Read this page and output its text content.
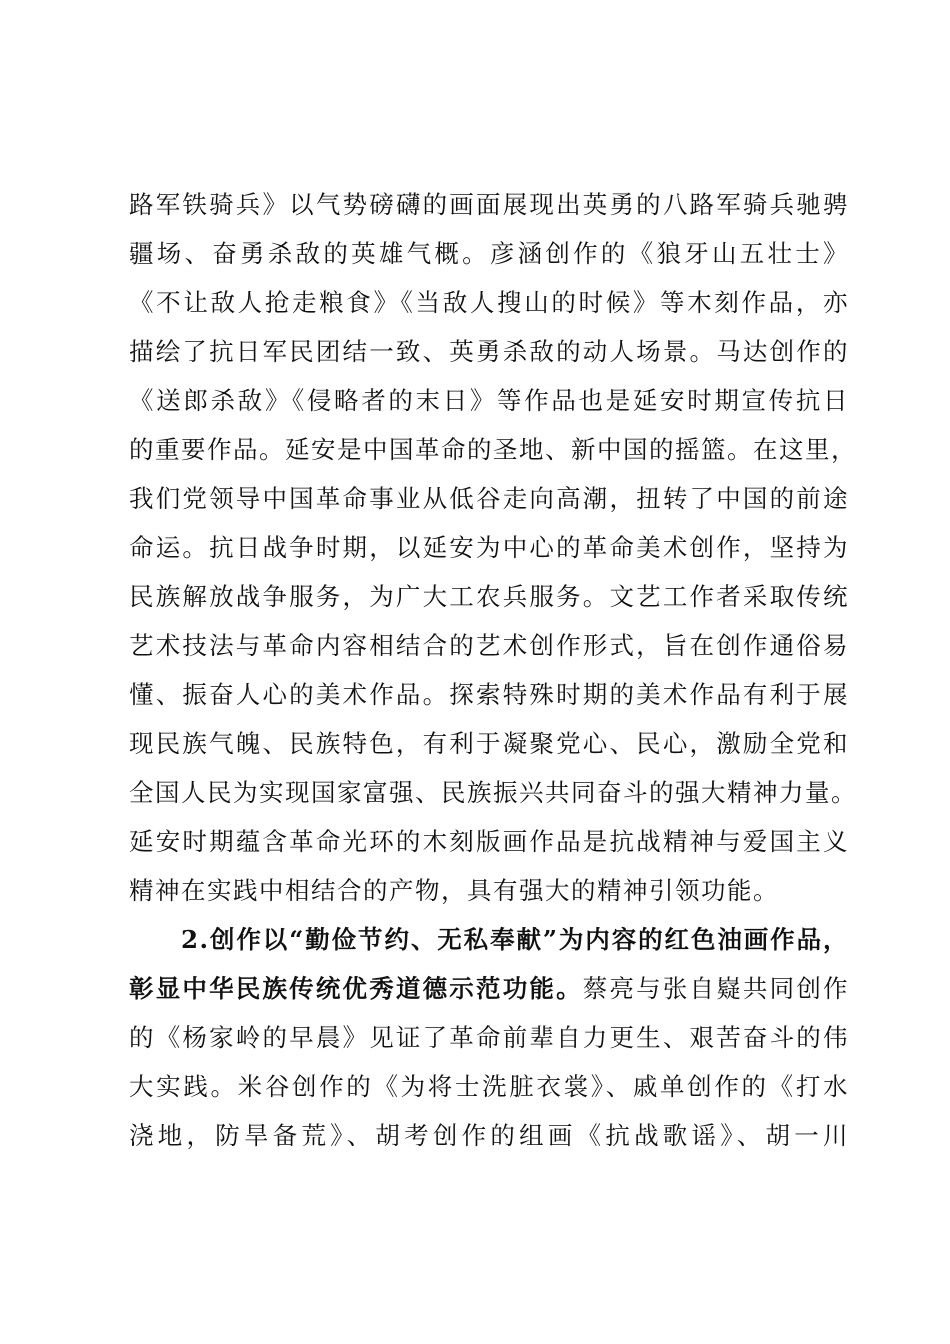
路军铁骑兵》以气势磅礴的画面展现出英勇的八路军骑兵驰骋
疆场、奋勇杀敌的英雄气概。彦涵创作的《狼牙山五壮士》
《不让敌人抢走粮食》《当敌人搜山的时候》等木刻作品，亦
描绘了抗日军民团结一致、英勇杀敌的动人场景。马达创作的
《送郎杀敌》《侵略者的末日》等作品也是延安时期宣传抗日
的重要作品。延安是中国革命的圣地、新中国的摇篮。在这里，
我们党领导中国革命事业从低谷走向高潮，扭转了中国的前途
命运。抗日战争时期，以延安为中心的革命美术创作，坚持为
民族解放战争服务，为广大工农兵服务。文艺工作者采取传统
艺术技法与革命内容相结合的艺术创作形式，旨在创作通俗易
懂、振奋人心的美术作品。探索特殊时期的美术作品有利于展
现民族气魄、民族特色，有利于凝聚党心、民心，激励全党和
全国人民为实现国家富强、民族振兴共同奋斗的强大精神力量。
延安时期蕴含革命光环的木刻版画作品是抗战精神与爱国主义
精神在实践中相结合的产物，具有强大的精神引领功能。
2.创作以“勤俭节约、无私奉献”为内容的红色油画作品，
彰显中华民族传统优秀道德示范功能。蔡亮与张自嶷共同创作
的《杨家岭的早晨》见证了革命前辈自力更生、艰苦奋斗的伟
大实践。米谷创作的《为将士洗脏衣裳》、戚单创作的《打水
浇地，防旱备荒》、胡考创作的组画《抗战歌谣》、胡一川
